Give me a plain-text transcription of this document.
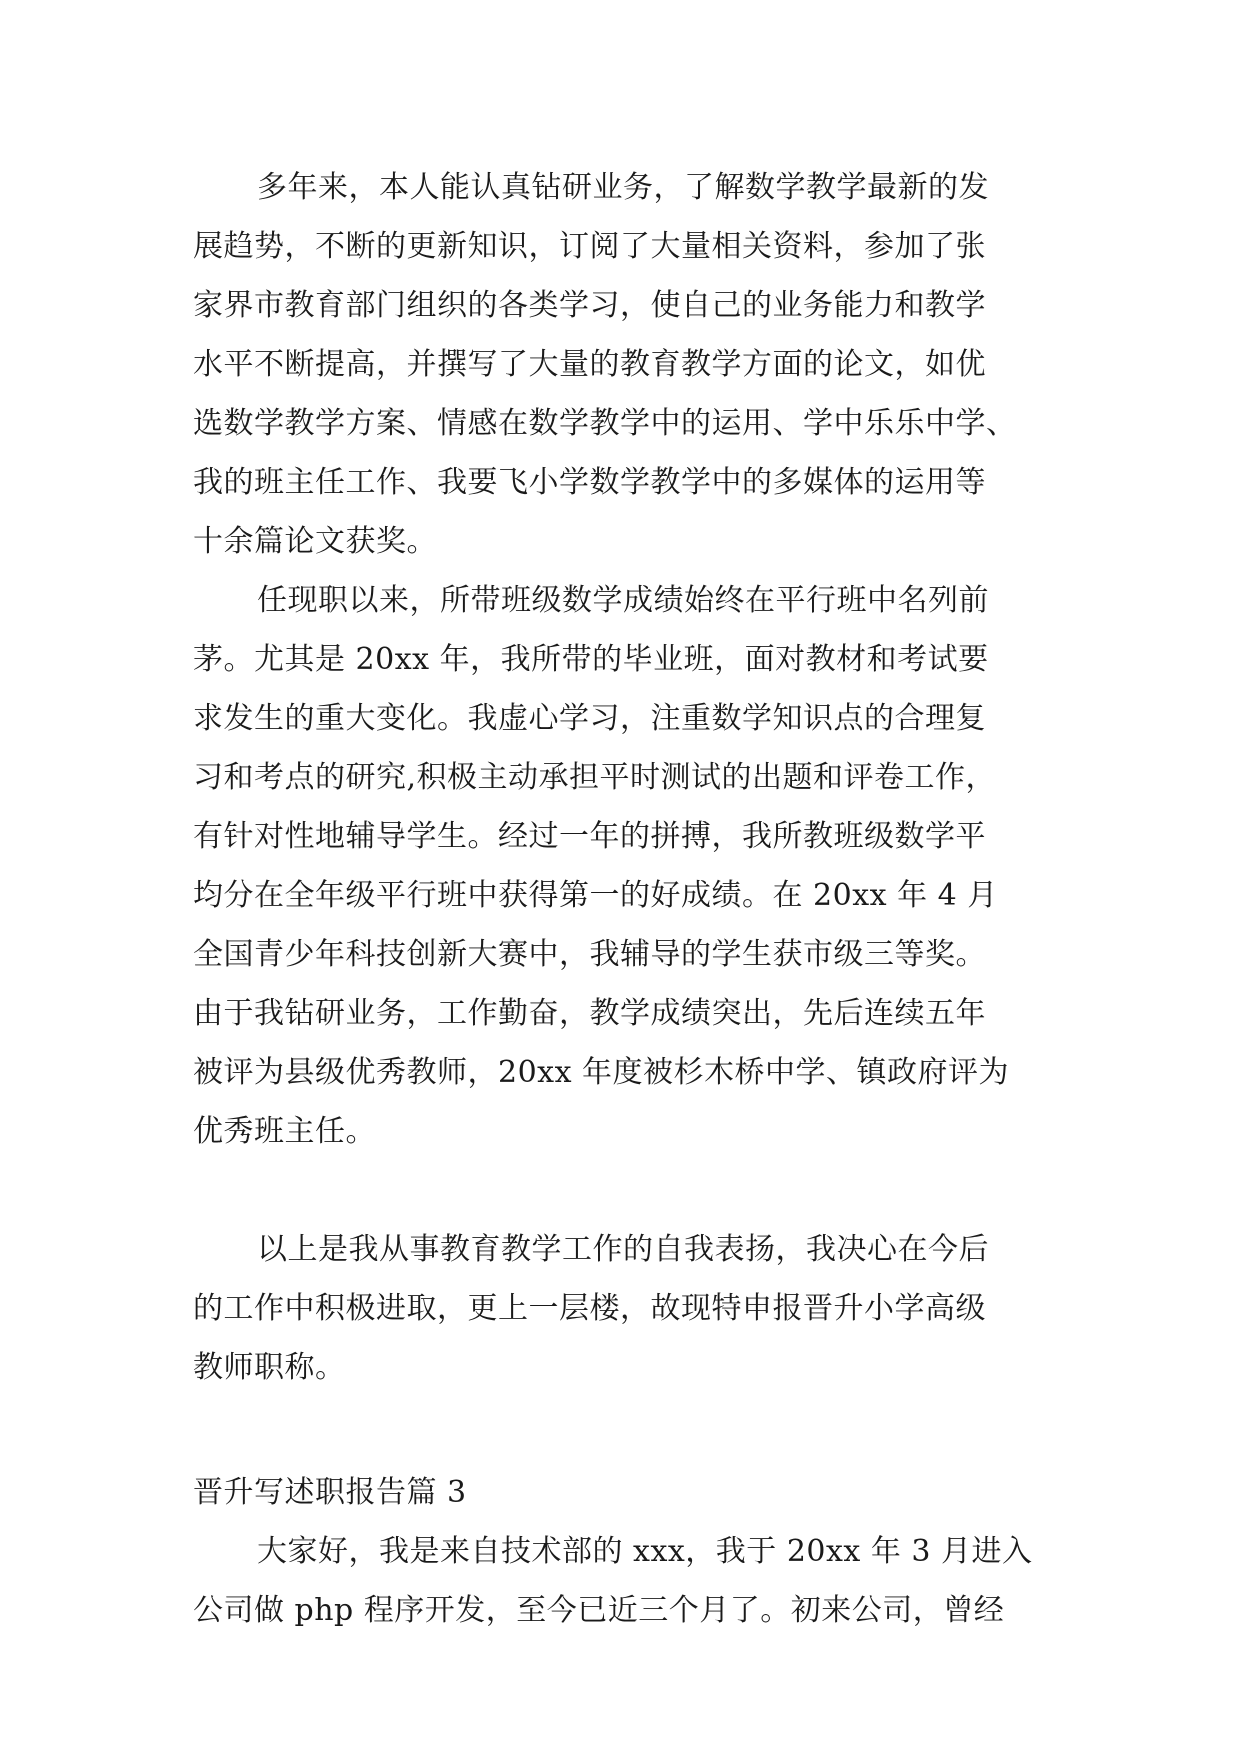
多年来，本人能认真钻研业务，了解数学教学最新的发
展趋势，不断的更新知识，订阅了大量相关资料，参加了张
家界市教育部门组织的各类学习，使自己的业务能力和教学
水平不断提高，并撰写了大量的教育教学方面的论文，如优
选数学教学方案、情感在数学教学中的运用、学中乐乐中学、
我的班主任工作、我要飞小学数学教学中的多媒体的运用等
十余篇论文获奖。
任现职以来，所带班级数学成绩始终在平行班中名列前
茅。尤其是 20xx 年，我所带的毕业班，面对教材和考试要
求发生的重大变化。我虚心学习，注重数学知识点的合理复
习和考点的研究,积极主动承担平时测试的出题和评卷工作，
有针对性地辅导学生。经过一年的拼搏，我所教班级数学平
均分在全年级平行班中获得第一的好成绩。在 20xx 年 4 月
全国青少年科技创新大赛中，我辅导的学生获市级三等奖。
由于我钻研业务，工作勤奋，教学成绩突出，先后连续五年
被评为县级优秀教师，20xx 年度被杉木桥中学、镇政府评为
优秀班主任。
以上是我从事教育教学工作的自我表扬，我决心在今后
的工作中积极进取，更上一层楼，故现特申报晋升小学高级
教师职称。
晋升写述职报告篇 3
大家好，我是来自技术部的 xxx，我于 20xx 年 3 月进入
公司做 php 程序开发，至今已近三个月了。初来公司，曾经
